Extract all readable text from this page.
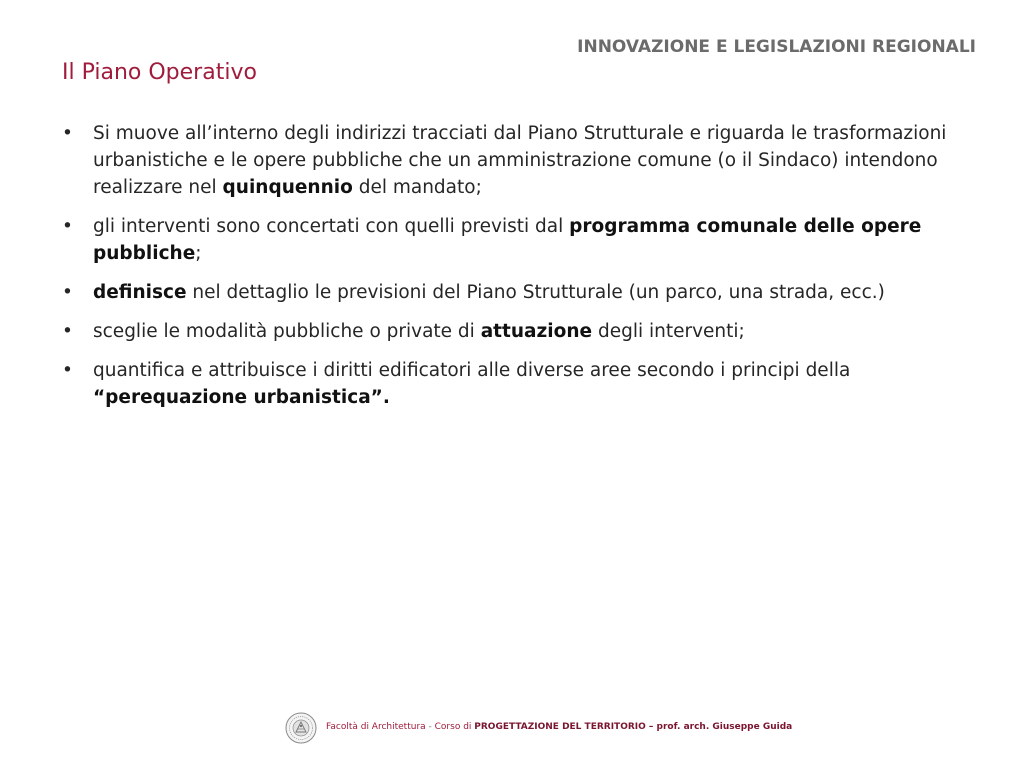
INNOVAZIONE E LEGISLAZIONI REGIONALI
Il Piano Operativo
• Si muove all’interno degli indirizzi tracciati dal Piano Strutturale e riguarda le trasformazioni urbanistiche e le opere pubbliche che un amministrazione comune (o il Sindaco) intendono realizzare nel quinquennio del mandato;
• gli interventi sono concertati con quelli previsti dal programma comunale delle opere pubbliche;
• definisce nel dettaglio le previsioni del Piano Strutturale (un parco, una strada, ecc.)
• sceglie le modalità pubbliche o private di attuazione degli interventi;
• quantifica e attribuisce i diritti edificatori alle diverse aree secondo i principi della “perequazione urbanistica”.
Facoltà di Architettura - Corso di PROGETTAZIONE DEL TERRITORIO – prof. arch. Giuseppe Guida
